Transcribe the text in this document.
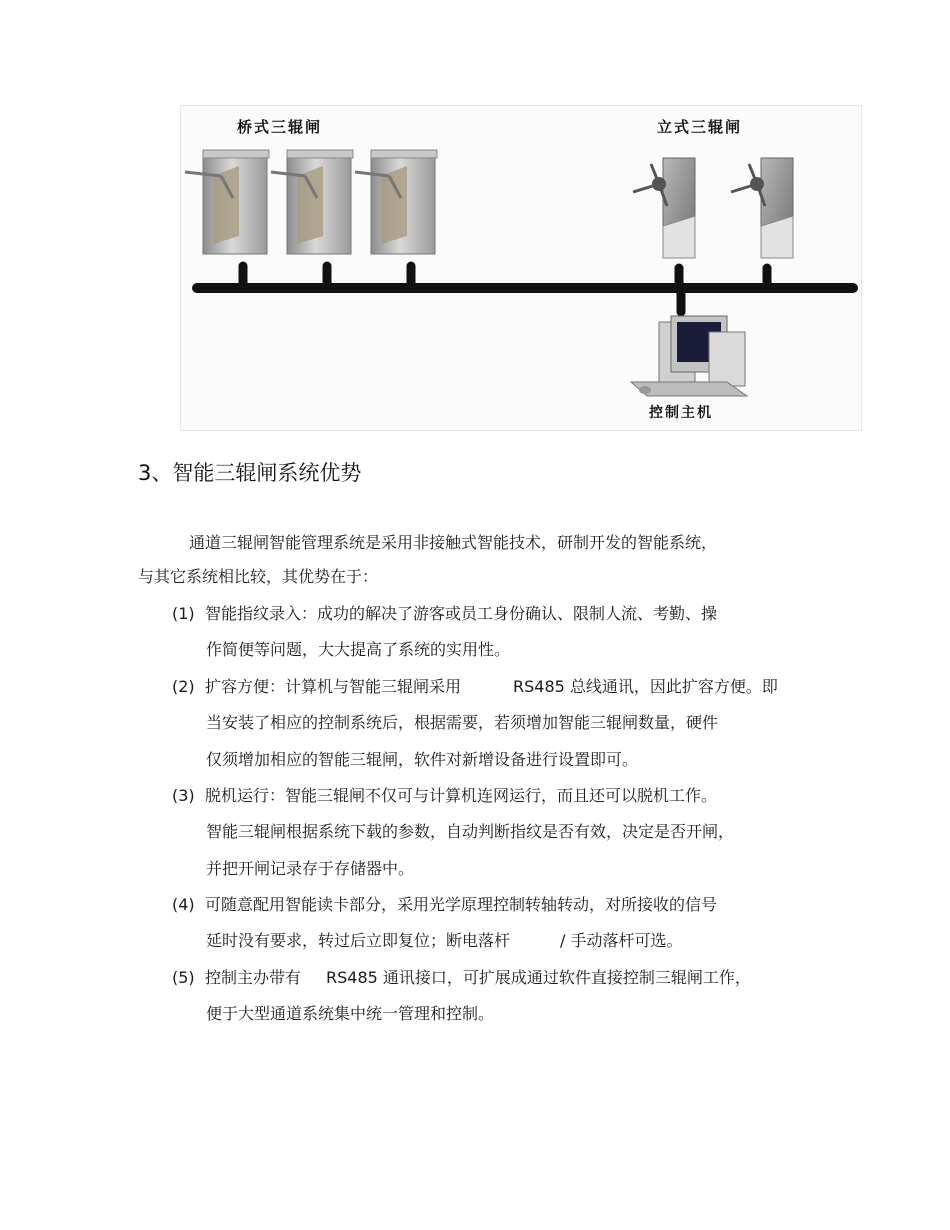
桥式三辊闸	立式三辊闸
控制主机
3、智能三辊闸系统优势
通道三辊闸智能管理系统是采用非接触式智能技术，研制开发的智能系统，
与其它系统相比较，其优势在于：
(1) 智能指纹录入：成功的解决了游客或员工身份确认、限制人流、考勤、操
作简便等问题，大大提高了系统的实用性。
(2) 扩容方便：计算机与智能三辊闸采用	RS485 总线通讯，因此扩容方便。即
当安装了相应的控制系统后，根据需要，若须增加智能三辊闸数量，硬件
仅须增加相应的智能三辊闸，软件对新增设备进行设置即可。
(3) 脱机运行：智能三辊闸不仅可与计算机连网运行，而且还可以脱机工作。
智能三辊闸根据系统下载的参数，自动判断指纹是否有效，决定是否开闸，
并把开闸记录存于存储器中。
(4) 可随意配用智能读卡部分，采用光学原理控制转轴转动，对所接收的信号
延时没有要求，转过后立即复位；断电落杆	/ 手动落杆可选。
(5) 控制主办带有 RS485 通讯接口，可扩展成通过软件直接控制三辊闸工作，
便于大型通道系统集中统一管理和控制。
